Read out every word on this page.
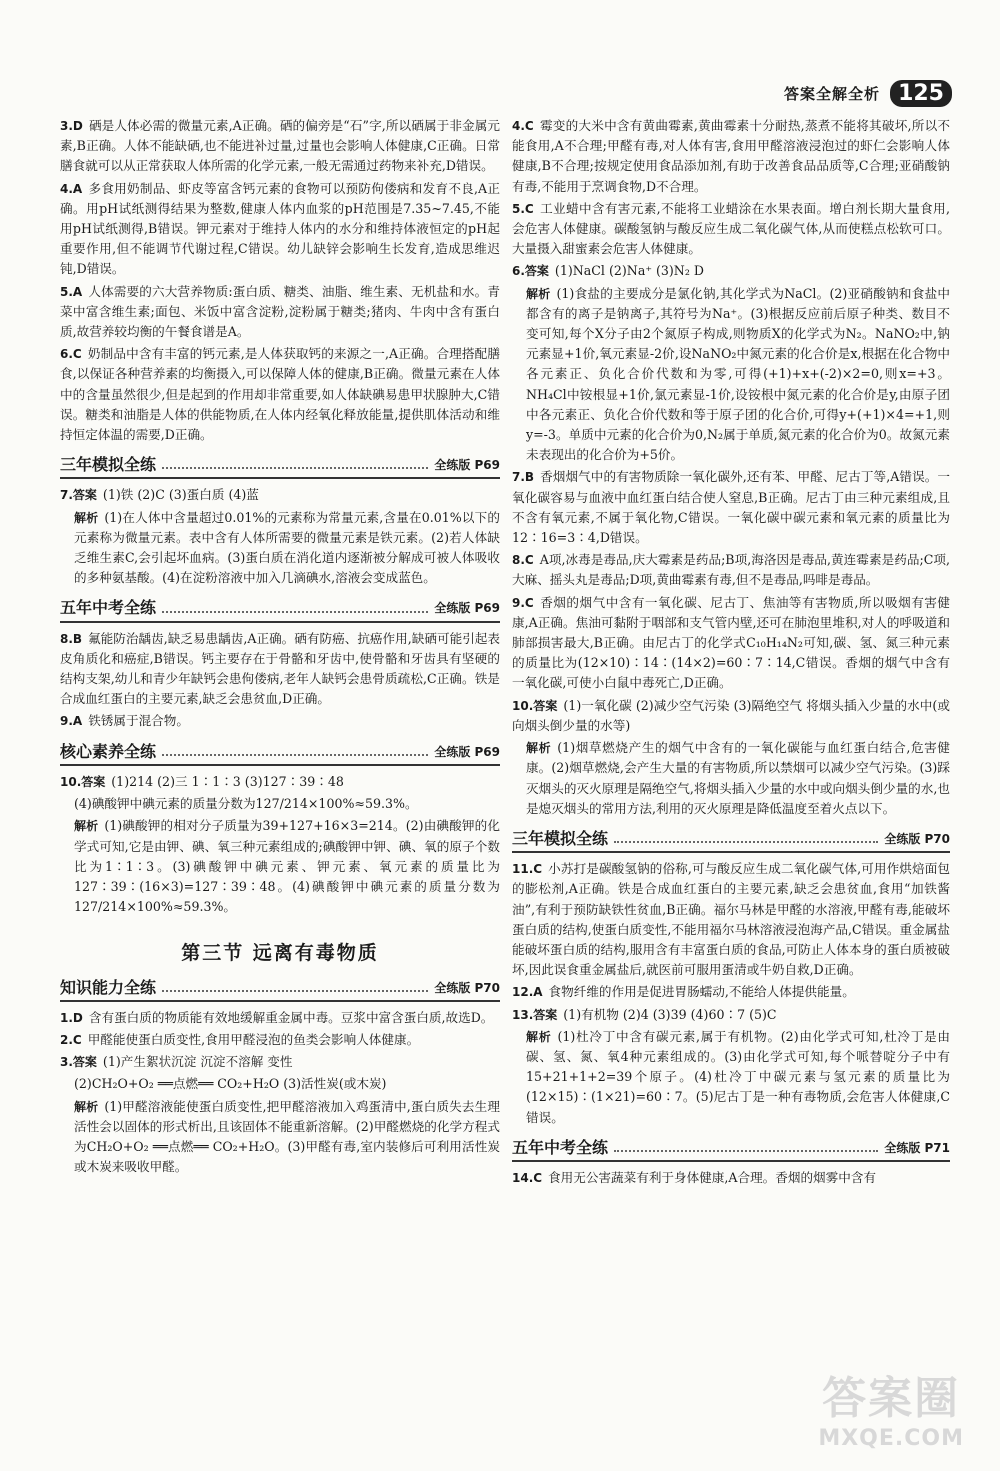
答案全解全析 125
3.D 硒是人体必需的微量元素,A正确。硒的偏旁是“石”字,所以硒属于非金属元素,B正确。人体不能缺硒,也不能进补过量,过量也会影响人体健康,C正确。日常膳食就可以从正常获取人体所需的化学元素,一般无需通过药物来补充,D错误。
4.A 多食用奶制品、虾皮等富含钙元素的食物可以预防佝偻病和发育不良,A正确。用pH试纸测得结果为整数,健康人体内血浆的pH范围是7.35~7.45,不能用pH试纸测得,B错误。钾元素对于维持人体内的水分和维持体液恒定的pH起重要作用,但不能调节代谢过程,C错误。幼儿缺锌会影响生长发育,造成思维迟钝,D错误。
5.A 人体需要的六大营养物质:蛋白质、糖类、油脂、维生素、无机盐和水。青菜中富含维生素;面包、米饭中富含淀粉,淀粉属于糖类;猪肉、牛肉中含有蛋白质,故营养较均衡的午餐食谱是A。
6.C 奶制品中含有丰富的钙元素,是人体获取钙的来源之一,A正确。合理搭配膳食,以保证各种营养素的均衡摄入,可以保障人体的健康,B正确。微量元素在人体中的含量虽然很少,但是起到的作用却非常重要,如人体缺碘易患甲状腺肿大,C错误。糖类和油脂是人体的供能物质,在人体内经氧化释放能量,提供肌体活动和维持恒定体温的需要,D正确。
三年模拟全练	全练版 P69
7.答案 (1)铁 (2)C (3)蛋白质 (4)蓝
解析 (1)在人体中含量超过0.01%的元素称为常量元素,含量在0.01%以下的元素称为微量元素。表中含有人体所需要的微量元素是铁元素。(2)若人体缺乏维生素C,会引起坏血病。(3)蛋白质在消化道内逐渐被分解成可被人体吸收的多种氨基酸。(4)在淀粉溶液中加入几滴碘水,溶液会变成蓝色。
五年中考全练	全练版 P69
8.B 氟能防治龋齿,缺乏易患龋齿,A正确。硒有防癌、抗癌作用,缺硒可能引起表皮角质化和癌症,B错误。钙主要存在于骨骼和牙齿中,使骨骼和牙齿具有坚硬的结构支架,幼儿和青少年缺钙会患佝偻病,老年人缺钙会患骨质疏松,C正确。铁是合成血红蛋白的主要元素,缺乏会患贫血,D正确。
9.A 铁锈属于混合物。
核心素养全练	全练版 P69
10.答案 (1)214 (2)三 1∶1∶3 (3)127∶39∶48
(4)碘酸钾中碘元素的质量分数为127/214×100%≈59.3%。
解析 (1)碘酸钾的相对分子质量为39+127+16×3=214。(2)由碘酸钾的化学式可知,它是由钾、碘、氧三种元素组成的;碘酸钾中钾、碘、氧的原子个数比为1∶1∶3。(3)碘酸钾中碘元素、钾元素、氧元素的质量比为127∶39∶(16×3)=127∶39∶48。(4)碘酸钾中碘元素的质量分数为127/214×100%≈59.3%。
第三节 远离有毒物质
知识能力全练	全练版 P70
1.D 含有蛋白质的物质能有效地缓解重金属中毒。豆浆中富含蛋白质,故选D。
2.C 甲醛能使蛋白质变性,食用甲醛浸泡的鱼类会影响人体健康。
3.答案 (1)产生絮状沉淀 沉淀不溶解 变性
(2)CH₂O+O₂ ══点燃══ CO₂+H₂O (3)活性炭(或木炭)
解析 (1)甲醛溶液能使蛋白质变性,把甲醛溶液加入鸡蛋清中,蛋白质失去生理活性会以固体的形式析出,且该固体不能重新溶解。(2)甲醛燃烧的化学方程式为CH₂O+O₂ ══点燃══ CO₂+H₂O。(3)甲醛有毒,室内装修后可利用活性炭或木炭来吸收甲醛。
4.C 霉变的大米中含有黄曲霉素,黄曲霉素十分耐热,蒸煮不能将其破坏,所以不能食用,A不合理;甲醛有毒,对人体有害,食用甲醛溶液浸泡过的虾仁会影响人体健康,B不合理;按规定使用食品添加剂,有助于改善食品品质等,C合理;亚硝酸钠有毒,不能用于烹调食物,D不合理。
5.C 工业蜡中含有害元素,不能将工业蜡涂在水果表面。增白剂长期大量食用,会危害人体健康。碳酸氢钠与酸反应生成二氧化碳气体,从而使糕点松软可口。大量摄入甜蜜素会危害人体健康。
6.答案 (1)NaCl (2)Na⁺ (3)N₂ D
解析 (1)食盐的主要成分是氯化钠,其化学式为NaCl。(2)亚硝酸钠和食盐中都含有的离子是钠离子,其符号为Na⁺。(3)根据反应前后原子种类、数目不变可知,每个X分子由2个氮原子构成,则物质X的化学式为N₂。NaNO₂中,钠元素显+1价,氧元素显-2价,设NaNO₂中氮元素的化合价是x,根据在化合物中各元素正、负化合价代数和为零,可得(+1)+x+(-2)×2=0,则x=+3。NH₄Cl中铵根显+1价,氯元素显-1价,设铵根中氮元素的化合价是y,由原子团中各元素正、负化合价代数和等于原子团的化合价,可得y+(+1)×4=+1,则y=-3。单质中元素的化合价为0,N₂属于单质,氮元素的化合价为0。故氮元素未表现出的化合价为+5价。
7.B 香烟烟气中的有害物质除一氧化碳外,还有苯、甲醛、尼古丁等,A错误。一氧化碳容易与血液中血红蛋白结合使人窒息,B正确。尼古丁由三种元素组成,且不含有氧元素,不属于氧化物,C错误。一氧化碳中碳元素和氧元素的质量比为12∶16=3∶4,D错误。
8.C A项,冰毒是毒品,庆大霉素是药品;B项,海洛因是毒品,黄连霉素是药品;C项,大麻、摇头丸是毒品;D项,黄曲霉素有毒,但不是毒品,吗啡是毒品。
9.C 香烟的烟气中含有一氧化碳、尼古丁、焦油等有害物质,所以吸烟有害健康,A正确。焦油可黏附于咽部和支气管内壁,还可在肺泡里堆积,对人的呼吸道和肺部损害最大,B正确。由尼古丁的化学式C₁₀H₁₄N₂可知,碳、氢、氮三种元素的质量比为(12×10)∶14∶(14×2)=60∶7∶14,C错误。香烟的烟气中含有一氧化碳,可使小白鼠中毒死亡,D正确。
10.答案 (1)一氧化碳 (2)减少空气污染 (3)隔绝空气 将烟头插入少量的水中(或向烟头倒少量的水等)
解析 (1)烟草燃烧产生的烟气中含有的一氧化碳能与血红蛋白结合,危害健康。(2)烟草燃烧,会产生大量的有害物质,所以禁烟可以减少空气污染。(3)踩灭烟头的灭火原理是隔绝空气,将烟头插入少量的水中或向烟头倒少量的水,也是熄灭烟头的常用方法,利用的灭火原理是降低温度至着火点以下。
三年模拟全练	全练版 P70
11.C 小苏打是碳酸氢钠的俗称,可与酸反应生成二氧化碳气体,可用作烘焙面包的膨松剂,A正确。铁是合成血红蛋白的主要元素,缺乏会患贫血,食用“加铁酱油”,有利于预防缺铁性贫血,B正确。福尔马林是甲醛的水溶液,甲醛有毒,能破坏蛋白质的结构,使蛋白质变性,不能用福尔马林溶液浸泡海产品,C错误。重金属盐能破坏蛋白质的结构,服用含有丰富蛋白质的食品,可防止人体本身的蛋白质被破坏,因此误食重金属盐后,就医前可服用蛋清或牛奶自救,D正确。
12.A 食物纤维的作用是促进胃肠蠕动,不能给人体提供能量。
13.答案 (1)有机物 (2)4 (3)39 (4)60∶7 (5)C
解析 (1)杜冷丁中含有碳元素,属于有机物。(2)由化学式可知,杜冷丁是由碳、氢、氮、氧4种元素组成的。(3)由化学式可知,每个哌替啶分子中有15+21+1+2=39个原子。(4)杜冷丁中碳元素与氢元素的质量比为(12×15)∶(1×21)=60∶7。(5)尼古丁是一种有毒物质,会危害人体健康,C错误。
五年中考全练	全练版 P71
14.C 食用无公害蔬菜有利于身体健康,A合理。香烟的烟雾中含有
答案圈
MXQE.COM
